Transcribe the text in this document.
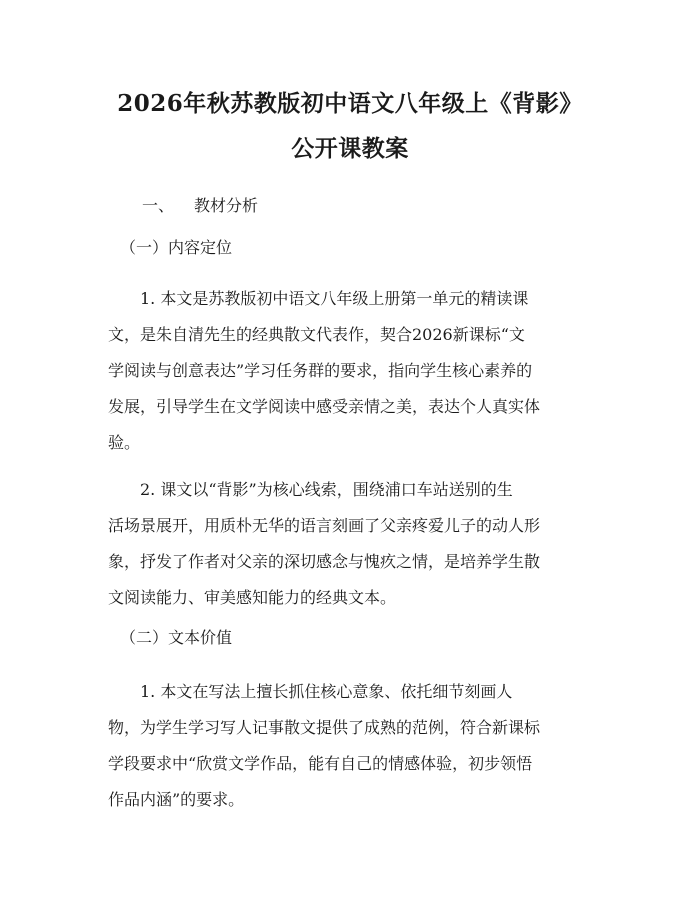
2026年秋苏教版初中语文八年级上《背影》
公开课教案
一、 教材分析
（一）内容定位
1. 本文是苏教版初中语文八年级上册第一单元的精读课
文，是朱自清先生的经典散文代表作，契合2026新课标“文
学阅读与创意表达”学习任务群的要求，指向学生核心素养的
发展，引导学生在文学阅读中感受亲情之美，表达个人真实体
验。
2. 课文以“背影”为核心线索，围绕浦口车站送别的生
活场景展开，用质朴无华的语言刻画了父亲疼爱儿子的动人形
象，抒发了作者对父亲的深切感念与愧疚之情，是培养学生散
文阅读能力、审美感知能力的经典文本。
（二）文本价值
1. 本文在写法上擅长抓住核心意象、依托细节刻画人
物，为学生学习写人记事散文提供了成熟的范例，符合新课标
学段要求中“欣赏文学作品，能有自己的情感体验，初步领悟
作品内涵”的要求。
